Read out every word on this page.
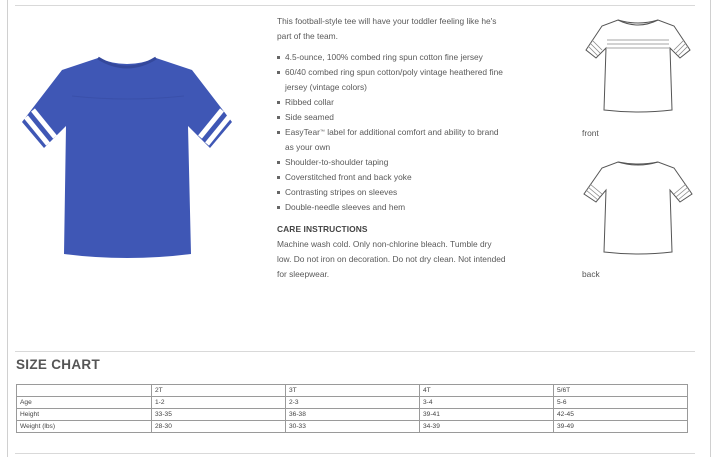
This football-style tee will have your toddler feeling like he's part of the team.

4.5-ounce, 100% combed ring spun cotton fine jersey
60/40 combed ring spun cotton/poly vintage heathered fine jersey (vintage colors)
Ribbed collar
Side seamed
EasyTear™ label for additional comfort and ability to brand as your own
Shoulder-to-shoulder taping
Coverstitched front and back yoke
Contrasting stripes on sleeves
Double-needle sleeves and hem
CARE INSTRUCTIONS

Machine wash cold. Only non-chlorine bleach. Tumble dry low. Do not iron on decoration. Do not dry clean. Not intended for sleepwear.

front
back
SIZE CHART
	2T	3T	4T	5/6T
Age	1-2	2-3	3-4	5-6
Height	33-35	36-38	39-41	42-45
Weight (lbs)	28-30	30-33	34-39	39-49
